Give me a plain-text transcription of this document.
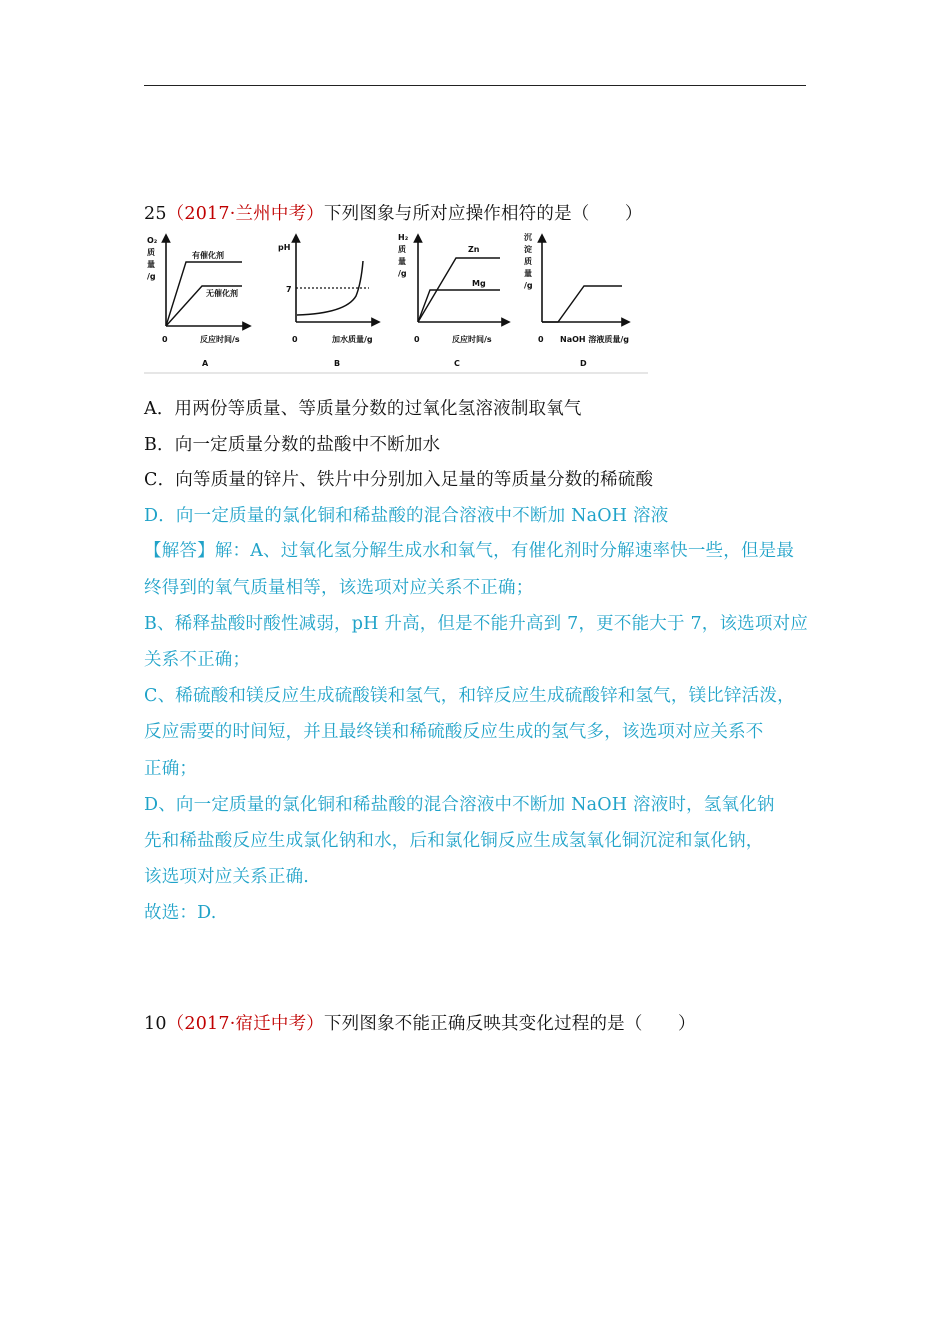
25（2017·兰州中考）下列图象与所对应操作相符的是（　　）
O₂
质
量
/g
有催化剂
无催化剂
0	反应时间/s
A
pH
7
0	加水质量/g
B
H₂
质
量
/g
Zn
Mg
0	反应时间/s
C
沉
淀
质
量
/g
0 NaOH 溶液质量/g
D
A．用两份等质量、等质量分数的过氧化氢溶液制取氧气
B．向一定质量分数的盐酸中不断加水
C．向等质量的锌片、铁片中分别加入足量的等质量分数的稀硫酸
D．向一定质量的氯化铜和稀盐酸的混合溶液中不断加 NaOH 溶液
【解答】解：A、过氧化氢分解生成水和氧气，有催化剂时分解速率快一些，但是最
终得到的氧气质量相等，该选项对应关系不正确；
B、稀释盐酸时酸性减弱，pH 升高，但是不能升高到 7，更不能大于 7，该选项对应
关系不正确；
C、稀硫酸和镁反应生成硫酸镁和氢气，和锌反应生成硫酸锌和氢气，镁比锌活泼，
反应需要的时间短，并且最终镁和稀硫酸反应生成的氢气多，该选项对应关系不
正确；
D、向一定质量的氯化铜和稀盐酸的混合溶液中不断加 NaOH 溶液时，氢氧化钠
先和稀盐酸反应生成氯化钠和水，后和氯化铜反应生成氢氧化铜沉淀和氯化钠，
该选项对应关系正确.
故选：D.
10（2017·宿迁中考）下列图象不能正确反映其变化过程的是（　　）
